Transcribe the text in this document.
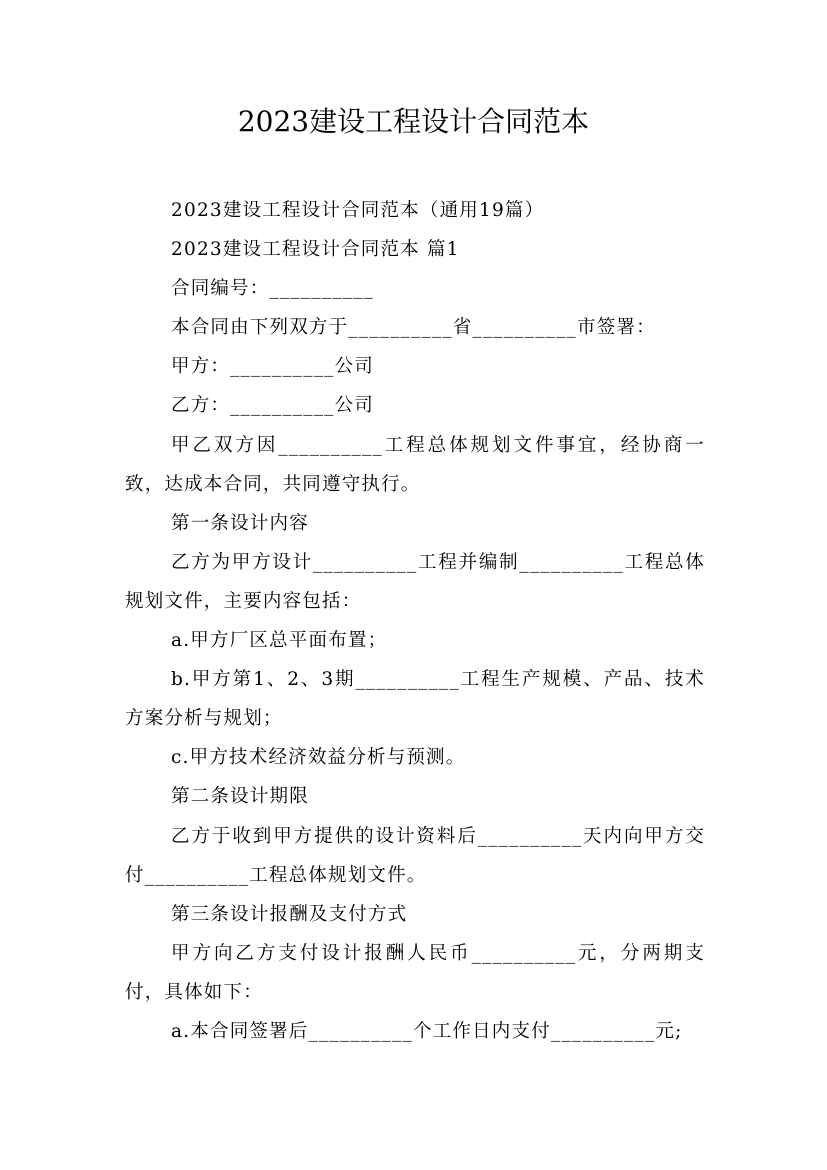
2023建设工程设计合同范本

2023建设工程设计合同范本（通用19篇）

2023建设工程设计合同范本 篇1

合同编号：__________

本合同由下列双方于__________省__________市签署：

甲方：__________公司

乙方：__________公司

甲乙双方因__________工程总体规划文件事宜，经协商一致，达成本合同，共同遵守执行。

第一条设计内容

乙方为甲方设计__________工程并编制__________工程总体规划文件，主要内容包括：

a.甲方厂区总平面布置；

b.甲方第1、2、3期__________工程生产规模、产品、技术方案分析与规划；

c.甲方技术经济效益分析与预测。

第二条设计期限

乙方于收到甲方提供的设计资料后__________天内向甲方交付__________工程总体规划文件。

第三条设计报酬及支付方式

甲方向乙方支付设计报酬人民币__________元，分两期支付，具体如下：

a.本合同签署后__________个工作日内支付__________元;
